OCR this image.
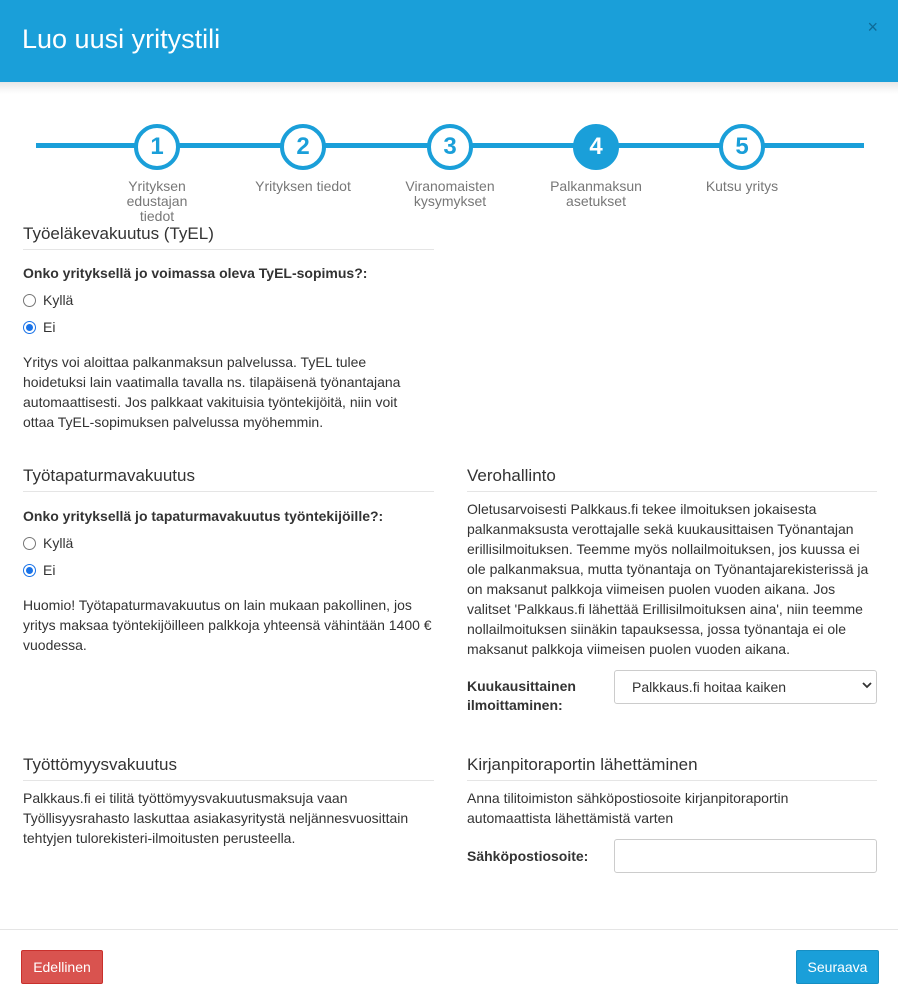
Luo uusi yritystili	×
1
Yrityksen edustajan tiedot
2
Yrityksen tiedot
3
Viranomaisten kysymykset
4
Palkanmaksun asetukset
5
Kutsu yritys
Työeläkevakuutus (TyEL)
Onko yrityksellä jo voimassa oleva TyEL-sopimus?:
Kyllä
Ei
Yritys voi aloittaa palkanmaksun palvelussa. TyEL tulee hoidetuksi lain vaatimalla tavalla ns. tilapäisenä työnantajana automaattisesti. Jos palkkaat vakituisia työntekijöitä, niin voit ottaa TyEL-sopimuksen palvelussa myöhemmin.
Työtapaturmavakuutus
Onko yrityksellä jo tapaturmavakuutus työntekijöille?:
Kyllä
Ei
Huomio! Työtapaturmavakuutus on lain mukaan pakollinen, jos yritys maksaa työntekijöilleen palkkoja yhteensä vähintään 1400 € vuodessa.
Verohallinto
Oletusarvoisesti Palkkaus.fi tekee ilmoituksen jokaisesta palkanmaksusta verottajalle sekä kuukausittaisen Työnantajan erillisilmoituksen. Teemme myös nollailmoituksen, jos kuussa ei ole palkanmaksua, mutta työnantaja on Työnantajarekisterissä ja on maksanut palkkoja viimeisen puolen vuoden aikana. Jos valitset 'Palkkaus.fi lähettää Erillisilmoituksen aina', niin teemme nollailmoituksen siinäkin tapauksessa, jossa työnantaja ei ole maksanut palkkoja viimeisen puolen vuoden aikana.
Kuukausittainen ilmoittaminen:
Palkkaus.fi hoitaa kaiken
Työttömyysvakuutus
Palkkaus.fi ei tilitä työttömyysvakuutusmaksuja vaan Työllisyysrahasto laskuttaa asiakasyritystä neljännesvuosittain tehtyjen tulorekisteri-ilmoitusten perusteella.
Kirjanpitoraportin lähettäminen
Anna tilitoimiston sähköpostiosoite kirjanpitoraportin automaattista lähettämistä varten
Sähköpostiosoite:
Edellinen	Seuraava
